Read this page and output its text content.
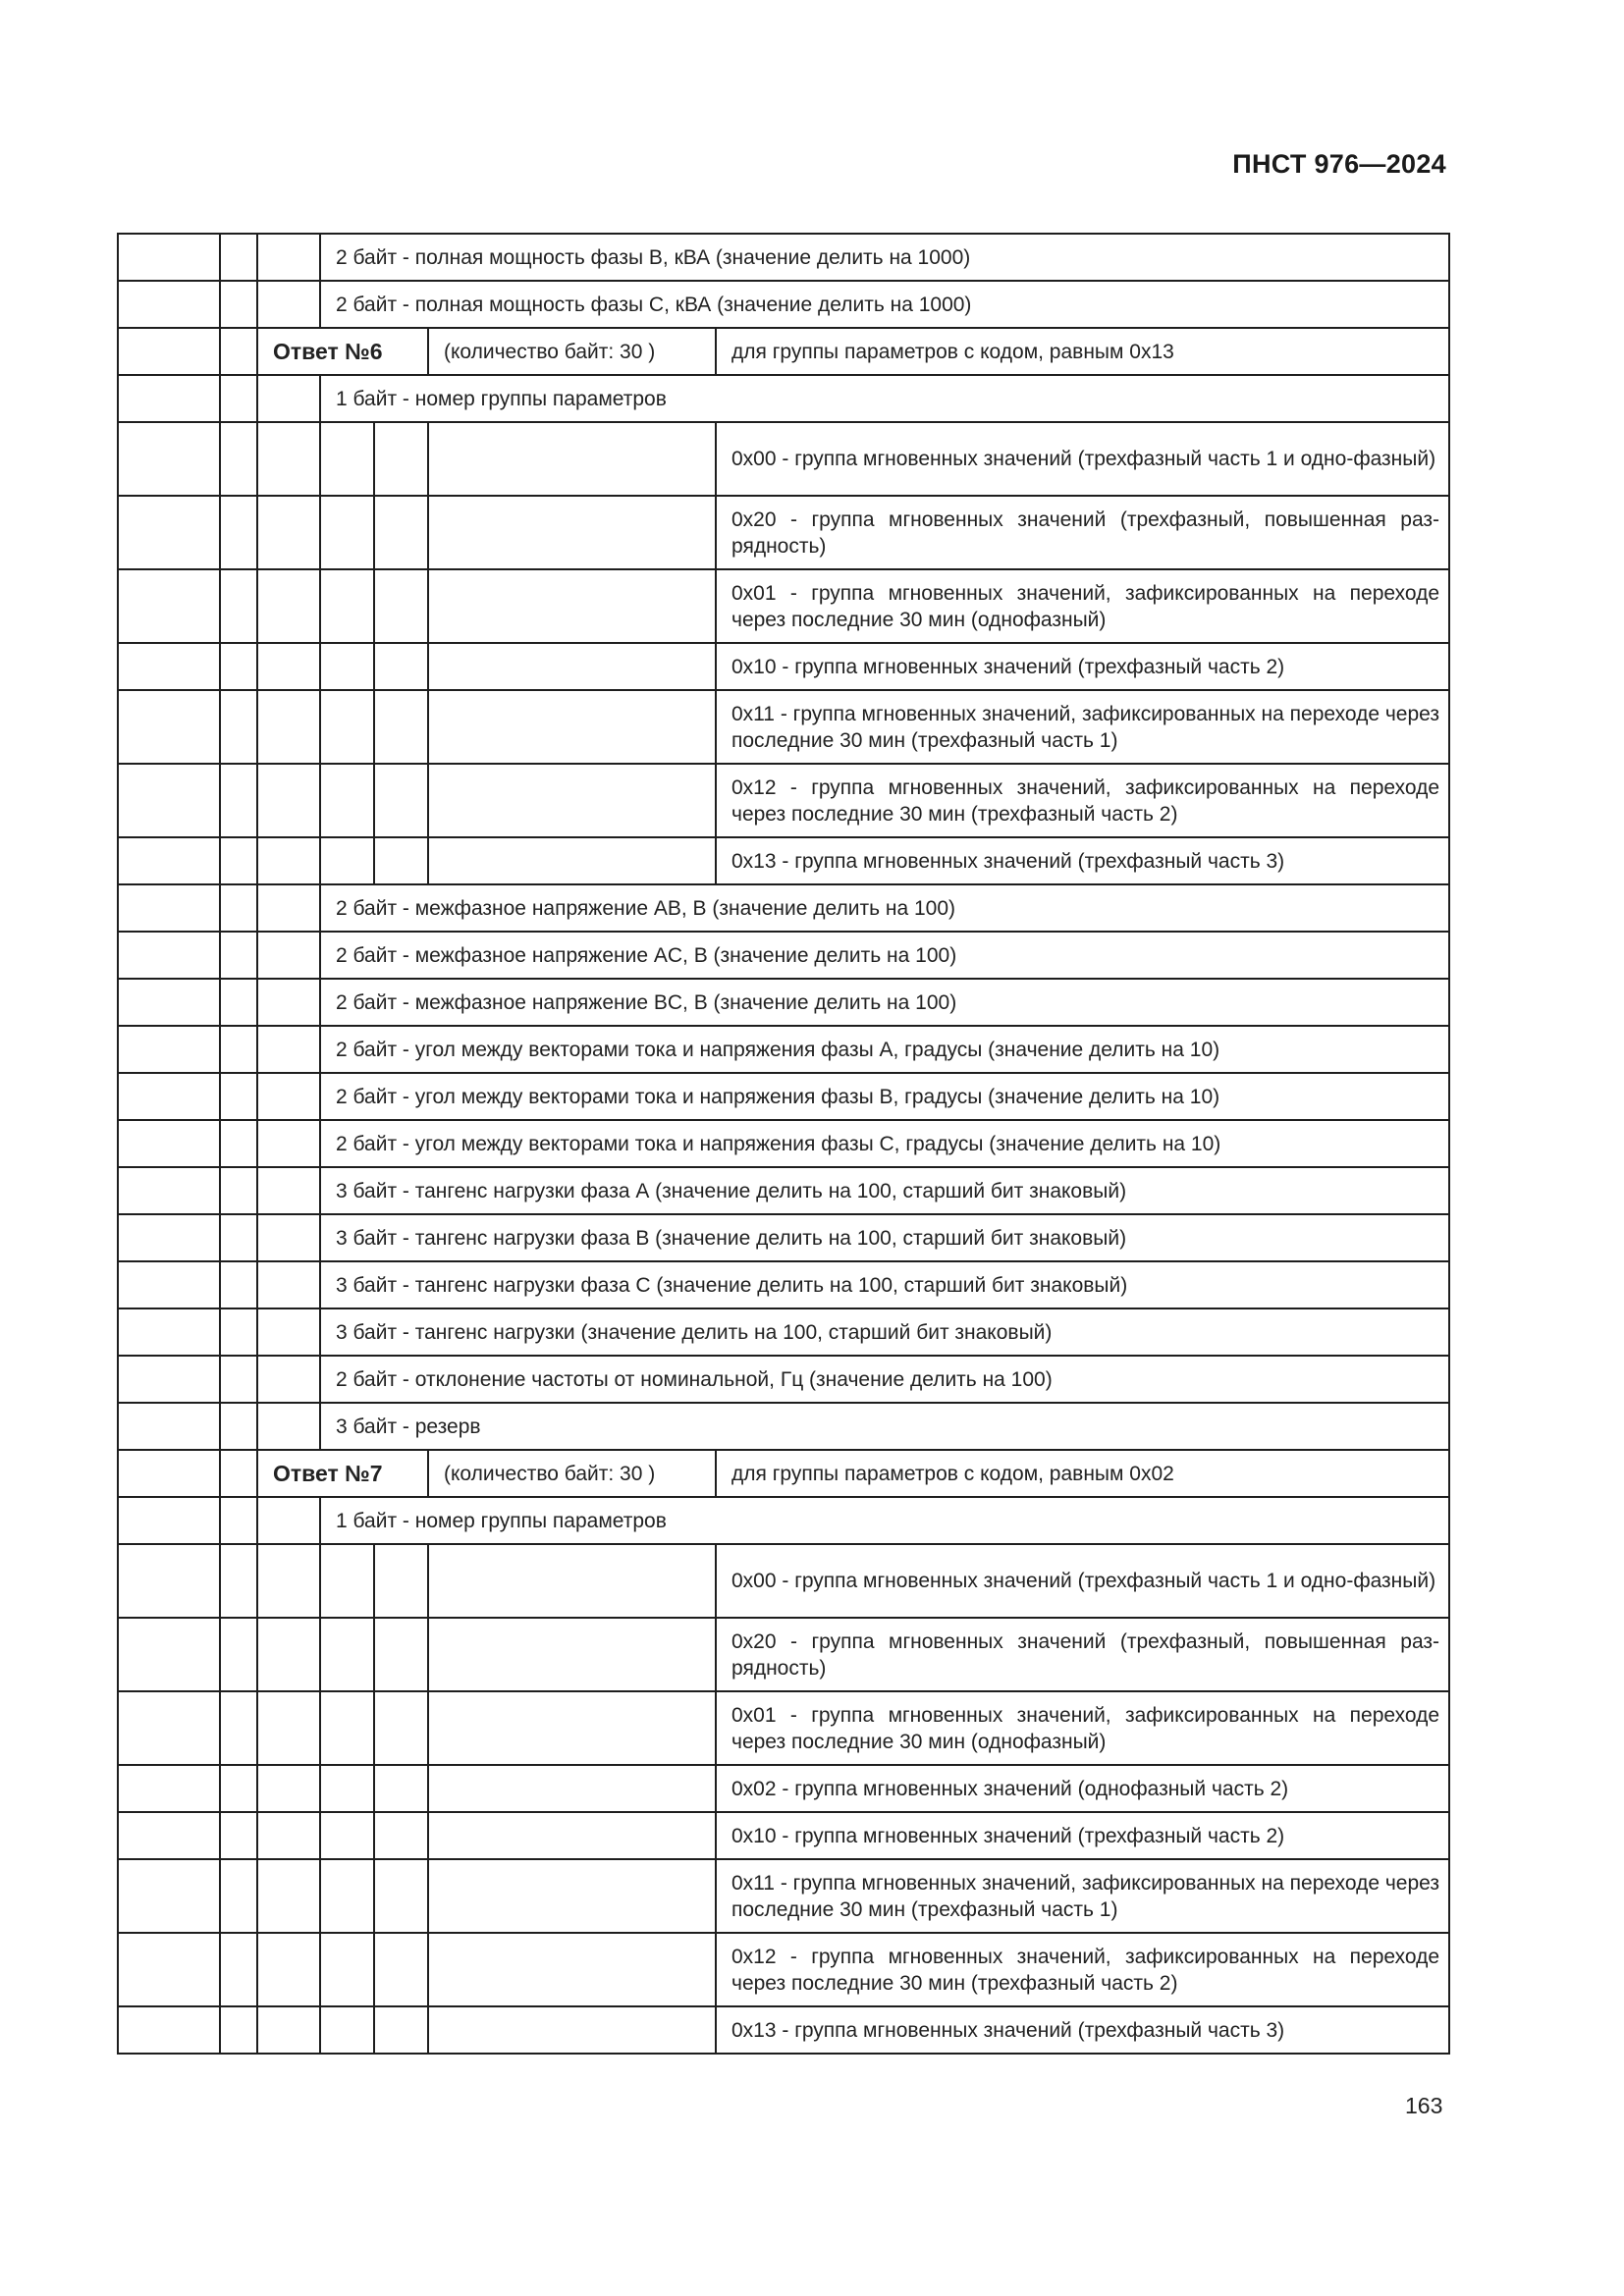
ПНСТ 976—2024
			2 байт - полная мощность фазы B, кВА (значение делить на 1000)			
			2 байт - полная мощность фазы C, кВА (значение делить на 1000)			
		Ответ №6			(количество байт: 30 )	для группы параметров с кодом, равным 0x13
			1 байт - номер группы параметров			
						0x00 - группа мгновенных значений (трехфазный часть 1 и одно-фазный)
						0x20 - группа мгновенных значений (трехфазный, повышенная раз-рядность)
						0x01 - группа мгновенных значений, зафиксированных на переходе через последние 30 мин (однофазный)
						0x10 - группа мгновенных значений (трехфазный часть 2)
						0x11 - группа мгновенных значений, зафиксированных на переходе через последние 30 мин (трехфазный часть 1)
						0x12 - группа мгновенных значений, зафиксированных на переходе через последние 30 мин (трехфазный часть 2)
						0x13 - группа мгновенных значений (трехфазный часть 3)
			2 байт - межфазное напряжение AB, В (значение делить на 100)			
			2 байт - межфазное напряжение AC, В (значение делить на 100)			
			2 байт - межфазное напряжение BC, В (значение делить на 100)			
			2 байт - угол между векторами тока и напряжения фазы А, градусы (значение делить на 10)			
			2 байт - угол между векторами тока и напряжения фазы В, градусы (значение делить на 10)			
			2 байт - угол между векторами тока и напряжения фазы С, градусы (значение делить на 10)			
			3 байт - тангенс нагрузки фаза А (значение делить на 100, старший бит знаковый)			
			3 байт - тангенс нагрузки фаза В (значение делить на 100, старший бит знаковый)			
			3 байт - тангенс нагрузки фаза С (значение делить на 100, старший бит знаковый)			
			3 байт - тангенс нагрузки (значение делить на 100, старший бит знаковый)			
			2 байт - отклонение частоты от номинальной, Гц (значение делить на 100)			
			3 байт - резерв			
		Ответ №7			(количество байт: 30 )	для группы параметров с кодом, равным 0x02
			1 байт - номер группы параметров			
						0x00 - группа мгновенных значений (трехфазный часть 1 и одно-фазный)
						0x20 - группа мгновенных значений (трехфазный, повышенная раз-рядность)
						0x01 - группа мгновенных значений, зафиксированных на переходе через последние 30 мин (однофазный)
						0x02 - группа мгновенных значений (однофазный часть 2)
						0x10 - группа мгновенных значений (трехфазный часть 2)
						0x11 - группа мгновенных значений, зафиксированных на переходе через последние 30 мин (трехфазный часть 1)
						0x12 - группа мгновенных значений, зафиксированных на переходе через последние 30 мин (трехфазный часть 2)
						0x13 - группа мгновенных значений (трехфазный часть 3)
163
